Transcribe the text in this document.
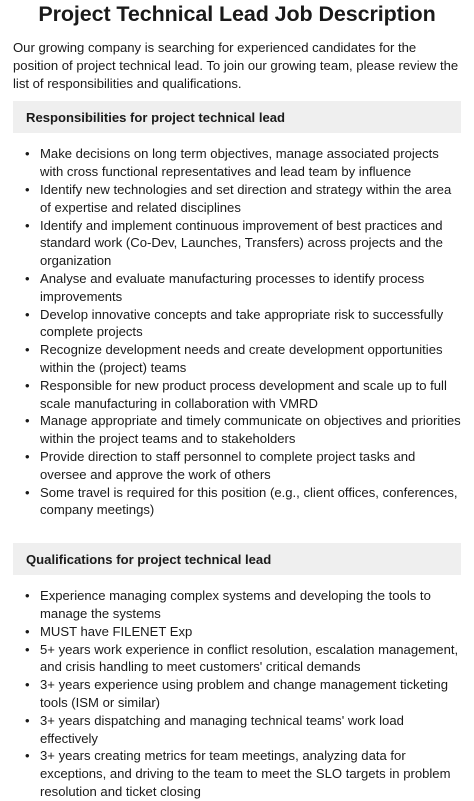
Project Technical Lead Job Description

Our growing company is searching for experienced candidates for the position of project technical lead. To join our growing team, please review the list of responsibilities and qualifications.

Responsibilities for project technical lead
• Make decisions on long term objectives, manage associated projects with cross functional representatives and lead team by influence
• Identify new technologies and set direction and strategy within the area of expertise and related disciplines
• Identify and implement continuous improvement of best practices and standard work (Co-Dev, Launches, Transfers) across projects and the organization
• Analyse and evaluate manufacturing processes to identify process improvements
• Develop innovative concepts and take appropriate risk to successfully complete projects
• Recognize development needs and create development opportunities within the (project) teams
• Responsible for new product process development and scale up to full scale manufacturing in collaboration with VMRD
• Manage appropriate and timely communicate on objectives and priorities within the project teams and to stakeholders
• Provide direction to staff personnel to complete project tasks and oversee and approve the work of others
• Some travel is required for this position (e.g., client offices, conferences, company meetings)
Qualifications for project technical lead
• Experience managing complex systems and developing the tools to manage the systems
• MUST have FILENET Exp
• 5+ years work experience in conflict resolution, escalation management, and crisis handling to meet customers' critical demands
• 3+ years experience using problem and change management ticketing tools (ISM or similar)
• 3+ years dispatching and managing technical teams' work load effectively
• 3+ years creating metrics for team meetings, analyzing data for exceptions, and driving to the team to meet the SLO targets in problem resolution and ticket closing
